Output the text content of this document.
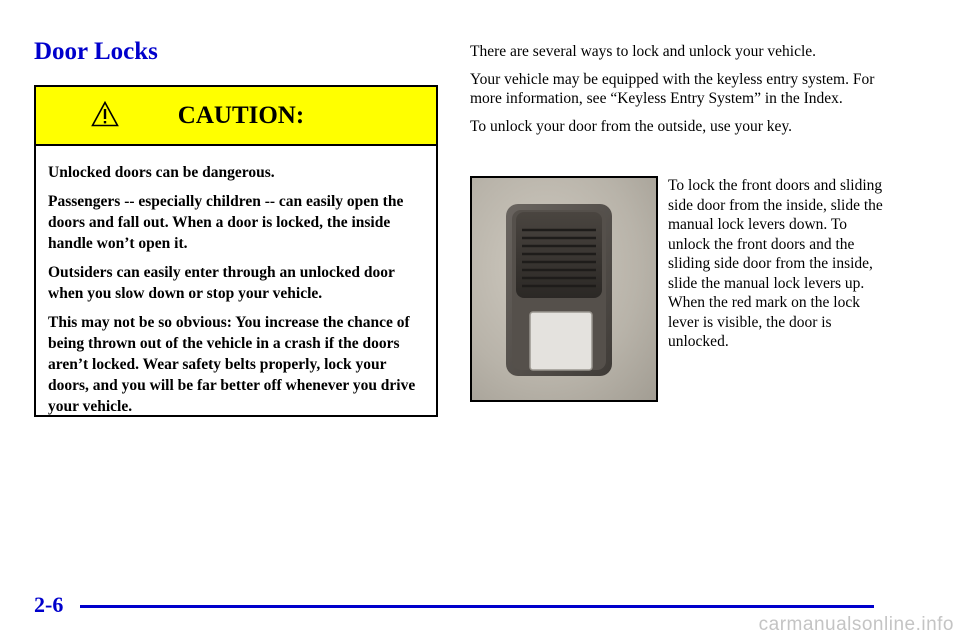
Door Locks
CAUTION:

Unlocked doors can be dangerous.

Passengers -- especially children -- can easily open the doors and fall out. When a door is locked, the inside handle won’t open it.

Outsiders can easily enter through an unlocked door when you slow down or stop your vehicle.

This may not be so obvious: You increase the chance of being thrown out of the vehicle in a crash if the doors aren’t locked. Wear safety belts properly, lock your doors, and you will be far better off whenever you drive your vehicle.

There are several ways to lock and unlock your vehicle.

Your vehicle may be equipped with the keyless entry system. For more information, see “Keyless Entry System” in the Index.

To unlock your door from the outside, use your key.

To lock the front doors and sliding side door from the inside, slide the manual lock levers down. To unlock the front doors and the sliding side door from the inside, slide the manual lock levers up. When the red mark on the lock lever is visible, the door is unlocked.

2-6
carmanualsonline.info
